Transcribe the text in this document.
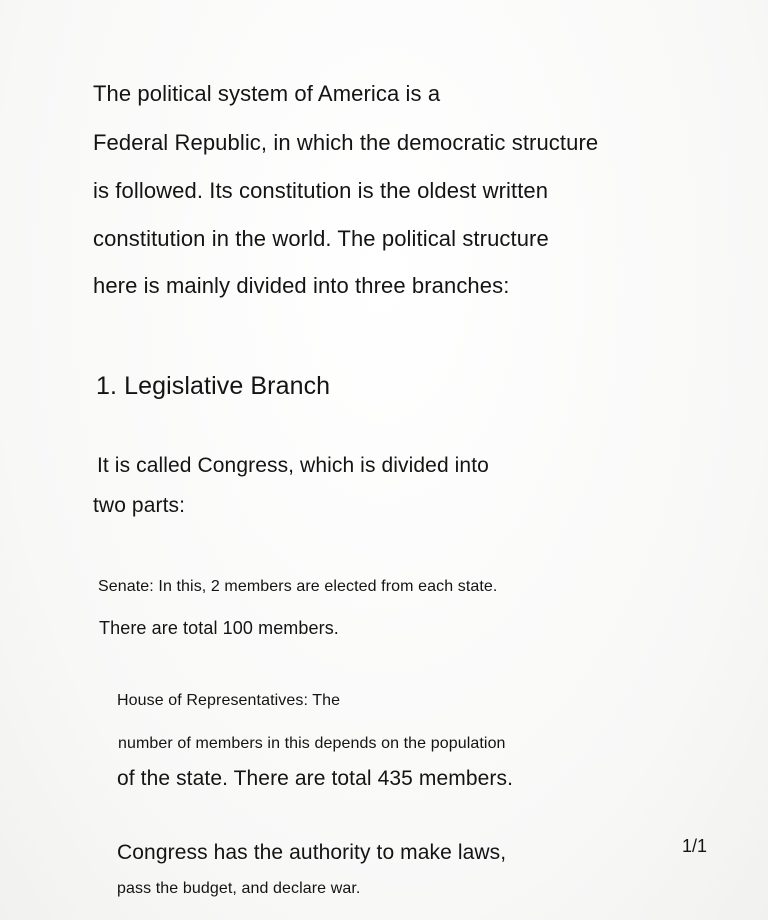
The political system of America is a
Federal Republic, in which the democratic structure
is followed. Its constitution is the oldest written
constitution in the world. The political structure
here is mainly divided into three branches:
1. Legislative Branch
It is called Congress, which is divided into
two parts:
Senate: In this, 2 members are elected from each state.
There are total 100 members.
House of Representatives: The
number of members in this depends on the population
of the state. There are total 435 members.
Congress has the authority to make laws,
pass the budget, and declare war.
1/1
